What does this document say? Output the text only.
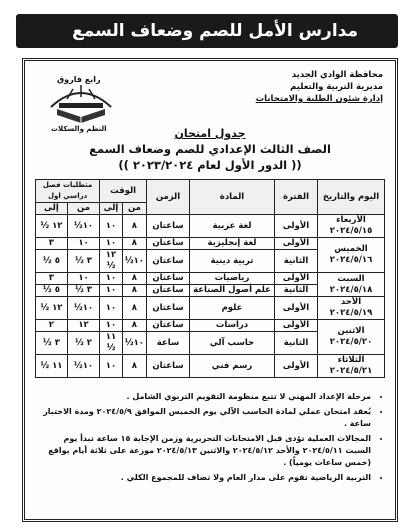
مدارس الأمل للصم وضعاف السمع
رابع فاروق
النظم والسكلات
محافظة الوادي الجديد
مديرية التربية والتعليم
إدارة شئون الطلبة والامتحانات
جدول امتحان
الصف الثالث الإعدادي للصم وضعاف السمع
(( الدور الأول لعام ٢٠٢٣/٢٠٢٤ ))
اليوم والتاريخ	الفترة	المادة	الزمن	الوقت		متطلبات فصل دراسي اول	
				من	إلى	من	إلى
الأربعاء ٢٠٢٤/٥/١٥	الأولى	لغة عربية	ساعتان	٨	١٠	١٠½	١٢ ½
الخميس ٢٠٢٤/٥/١٦	الأولى	لغة إنجليزية	ساعتان	٨	١٠	١٠	٣
	الثانية	تربية دينية	ساعتان	١٠½	١٢ ½	٣ ½	٥ ½
السبت ٢٠٢٤/٥/١٨	الأولى	رياضيات	ساعتان	٨	١٠	١٠	٣
	الثانية	علم أصول الصناعة	ساعتان	٨	١٠	٣ ½	٥ ½
الأحد ٢٠٢٤/٥/١٩	الأولى	علوم	ساعتان	٨	١٠	١٠½	١٢ ½
الاثنين ٢٠٢٤/٥/٢٠	الأولى	دراسات	ساعتان	٨	١٠	١٢	٢
	الثانية	حاسب آلي	ساعة	١٠½	١١ ½	٢ ½	٣ ½
الثلاثاء ٢٠٢٤/٥/٢١	الأولى	رسم فني	ساعتان	٨	١٠	١٠½	١١ ½
• مرحلة الإعداد المهني لا تتبع منظومة التقويم التربوي الشامل .
• يُعقد امتحان عملي لمادة الحاسب الآلي يوم الخميس الموافق ٢٠٢٤/٥/٩ ومدة الاختبار ساعة .
• المجالات العملية تؤدى قبل الامتحانات التحريرية وزمن الإجابة ١٥ ساعة تبدأ يوم السبت ٢٠٢٤/٥/١١ والأحد ٢٠٢٤/٥/١٢ والاثنين ٢٠٢٤/٥/١٣ موزعة على ثلاثة أيام بواقع (خمس ساعات يومياً) .
• التربية الرياضية تقوم على مدار العام ولا تضاف للمجموع الكلي .
